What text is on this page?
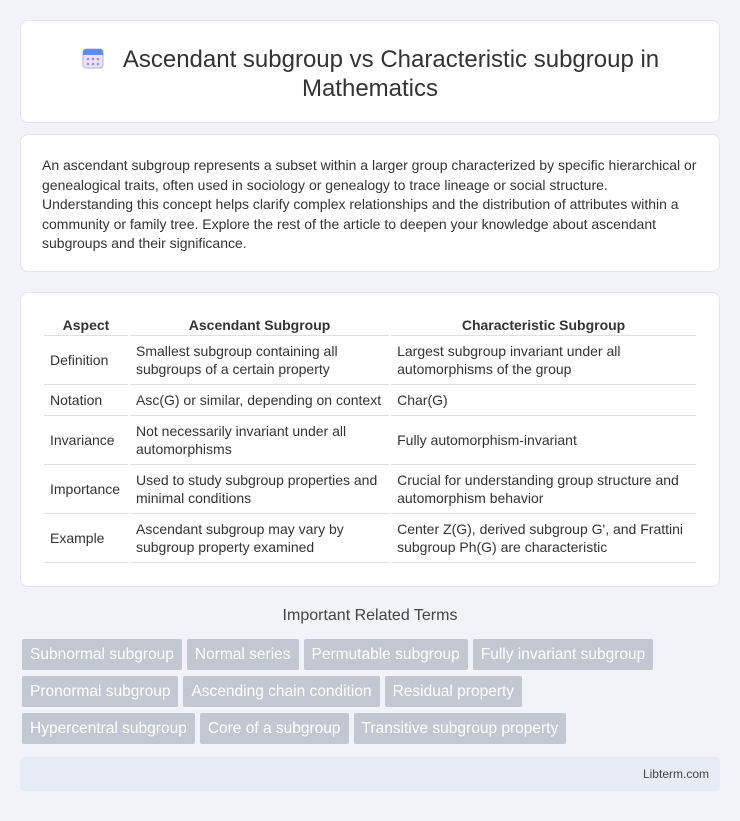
Ascendant subgroup vs Characteristic subgroup in Mathematics

An ascendant subgroup represents a subset within a larger group characterized by specific hierarchical or genealogical traits, often used in sociology or genealogy to trace lineage or social structure. Understanding this concept helps clarify complex relationships and the distribution of attributes within a community or family tree. Explore the rest of the article to deepen your knowledge about ascendant subgroups and their significance.

Aspect	Ascendant Subgroup	Characteristic Subgroup
Definition	Smallest subgroup containing all subgroups of a certain property	Largest subgroup invariant under all automorphisms of the group
Notation	Asc(G) or similar, depending on context	Char(G)
Invariance	Not necessarily invariant under all automorphisms	Fully automorphism-invariant
Importance	Used to study subgroup properties and minimal conditions	Crucial for understanding group structure and automorphism behavior
Example	Ascendant subgroup may vary by subgroup property examined	Center Z(G), derived subgroup G', and Frattini subgroup Ph(G) are characteristic
Important Related Terms
Subnormal subgroup Normal series Permutable subgroup Fully invariant subgroup
Pronormal subgroup Ascending chain condition Residual property
Hypercentral subgroup Core of a subgroup Transitive subgroup property
Libterm.com
